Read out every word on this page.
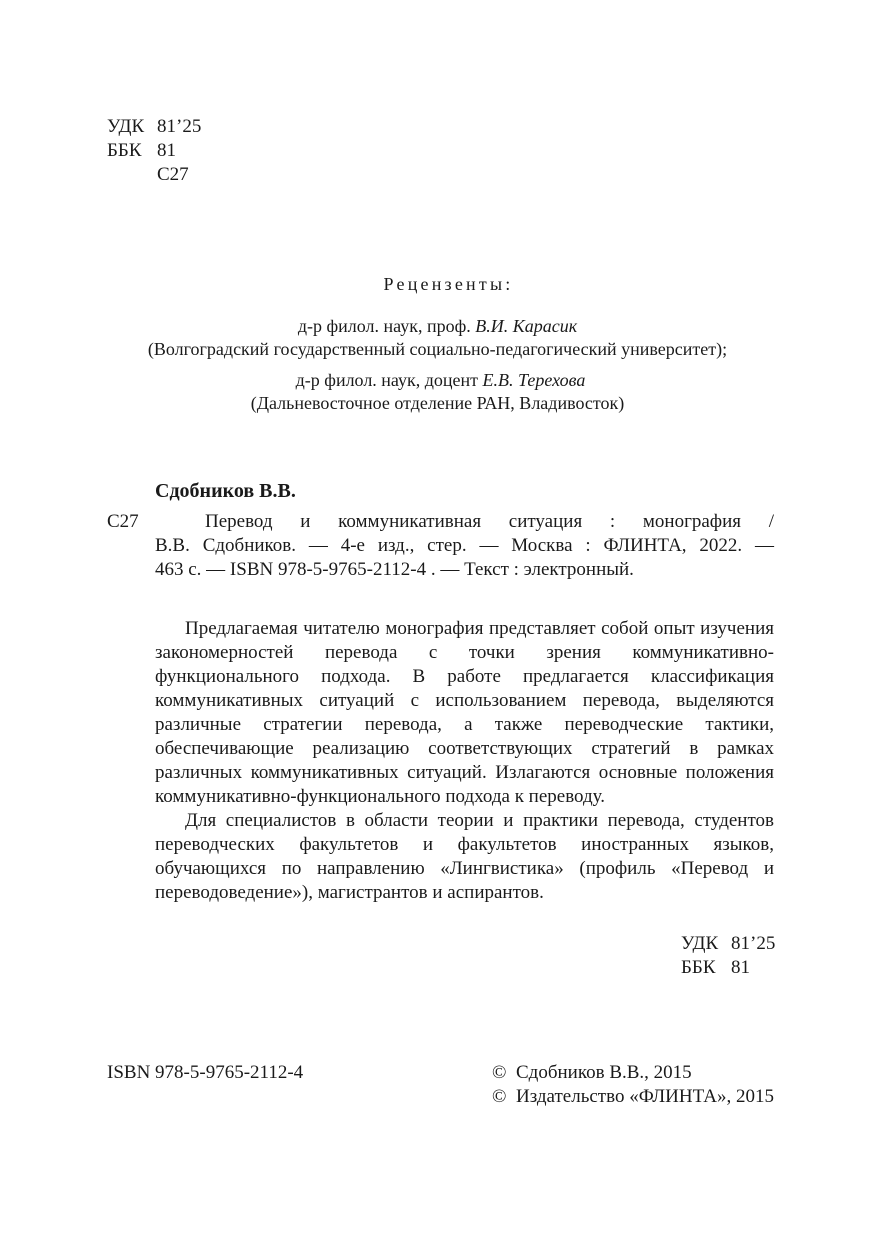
УДК 81’25
ББК 81
С27
Рецензенты:
д-р филол. наук, проф. В.И. Карасик
(Волгоградский государственный социально-педагогический университет);
д-р филол. наук, доцент Е.В. Терехова
(Дальневосточное отделение РАН, Владивосток)
Сдобников В.В.
С27	Перевод и коммуникативная ситуация : монография /
В.В. Сдобников. — 4-е изд., стер. — Москва : ФЛИНТА, 2022. —
463 с. — ISBN 978-5-9765-2112-4 . — Текст : электронный.

Предлагаемая читателю монография представляет собой опыт изучения закономерностей перевода с точки зрения коммуникативно-функционального подхода. В работе предлагается классификация коммуникативных ситуаций с использованием перевода, выделяются различные стратегии перевода, а также переводческие тактики, обеспечивающие реализацию соответствующих стратегий в рамках различных коммуникативных ситуаций. Излагаются основные положения коммуникативно-функционального подхода к переводу.

Для специалистов в области теории и практики перевода, студентов переводческих факультетов и факультетов иностранных языков, обучающихся по направлению «Лингвистика» (профиль «Перевод и переводоведение»), магистрантов и аспирантов.

УДК 81’25
ББК 81
ISBN 978-5-9765-2112-4	© Сдобников В.В., 2015
© Издательство «ФЛИНТА», 2015
